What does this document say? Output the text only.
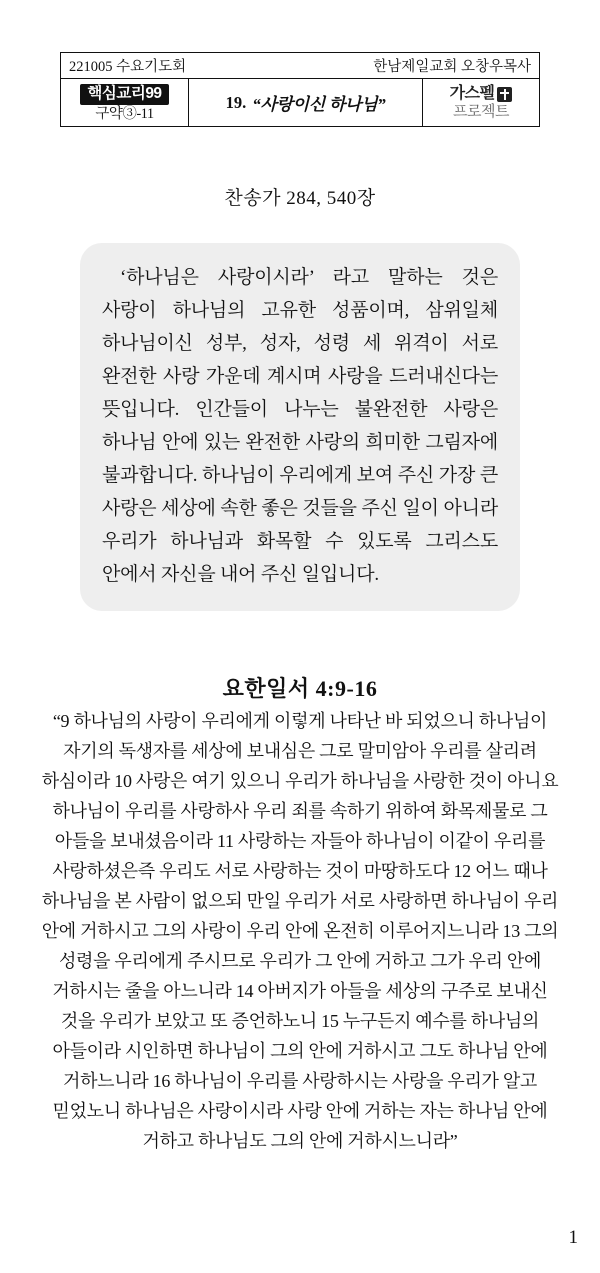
221005 수요기도회	한남제일교회 오창우목사
핵심교리99
구약③-11
19. “사랑이신 하나님”
가스펠
프로젝트
찬송가 284, 540장

‘하나님은 사랑이시라’ 라고 말하는 것은 사랑이 하나님의 고유한 성품이며, 삼위일체 하나님이신 성부, 성자, 성령 세 위격이 서로 완전한 사랑 가운데 계시며 사랑을 드러내신다는 뜻입니다. 인간들이 나누는 불완전한 사랑은 하나님 안에 있는 완전한 사랑의 희미한 그림자에 불과합니다. 하나님이 우리에게 보여 주신 가장 큰 사랑은 세상에 속한 좋은 것들을 주신 일이 아니라 우리가 하나님과 화목할 수 있도록 그리스도 안에서 자신을 내어 주신 일입니다.

요한일서 4:9-16
“9 하나님의 사랑이 우리에게 이렇게 나타난 바 되었으니 하나님이 자기의 독생자를 세상에 보내심은 그로 말미암아 우리를 살리려 하심이라 10 사랑은 여기 있으니 우리가 하나님을 사랑한 것이 아니요 하나님이 우리를 사랑하사 우리 죄를 속하기 위하여 화목제물로 그 아들을 보내셨음이라 11 사랑하는 자들아 하나님이 이같이 우리를 사랑하셨은즉 우리도 서로 사랑하는 것이 마땅하도다 12 어느 때나 하나님을 본 사람이 없으되 만일 우리가 서로 사랑하면 하나님이 우리 안에 거하시고 그의 사랑이 우리 안에 온전히 이루어지느니라 13 그의 성령을 우리에게 주시므로 우리가 그 안에 거하고 그가 우리 안에 거하시는 줄을 아느니라 14 아버지가 아들을 세상의 구주로 보내신 것을 우리가 보았고 또 증언하노니 15 누구든지 예수를 하나님의 아들이라 시인하면 하나님이 그의 안에 거하시고 그도 하나님 안에 거하느니라 16 하나님이 우리를 사랑하시는 사랑을 우리가 알고 믿었노니 하나님은 사랑이시라 사랑 안에 거하는 자는 하나님 안에 거하고 하나님도 그의 안에 거하시느니라”
1
